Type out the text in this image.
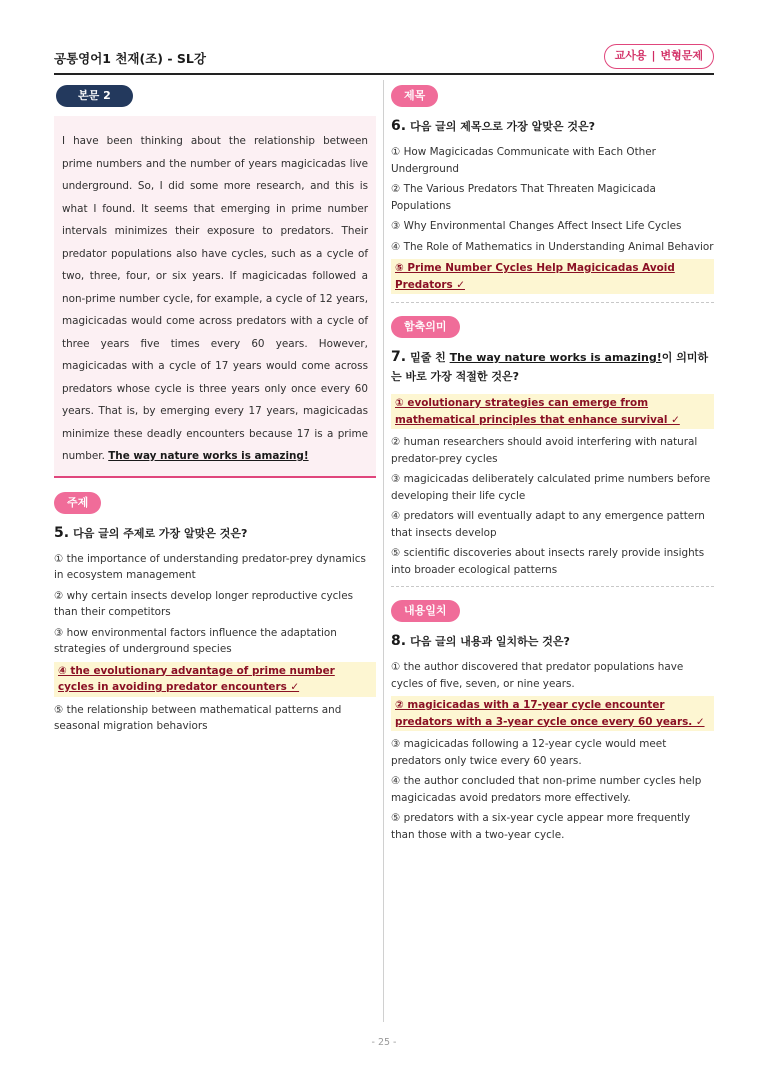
공통영어1 천재(조) - SL강	교사용 | 변형문제
본문 2

I have been thinking about the relationship between prime numbers and the number of years magicicadas live underground. So, I did some more research, and this is what I found. It seems that emerging in prime number intervals minimizes their exposure to predators. Their predator populations also have cycles, such as a cycle of two, three, four, or six years. If magicicadas followed a non-prime number cycle, for example, a cycle of 12 years, magicicadas would come across predators with a cycle of three years five times every 60 years. However, magicicadas with a cycle of 17 years would come across predators whose cycle is three years only once every 60 years. That is, by emerging every 17 years, magicicadas minimize these deadly encounters because 17 is a prime number. The way nature works is amazing!

주제
5. 다음 글의 주제로 가장 알맞은 것은?
① the importance of understanding predator-prey dynamics in ecosystem management
② why certain insects develop longer reproductive cycles than their competitors
③ how environmental factors influence the adaptation strategies of underground species
④ the evolutionary advantage of prime number cycles in avoiding predator encounters ✓
⑤ the relationship between mathematical patterns and seasonal migration behaviors
제목
6. 다음 글의 제목으로 가장 알맞은 것은?
① How Magicicadas Communicate with Each Other Underground
② The Various Predators That Threaten Magicicada Populations
③ Why Environmental Changes Affect Insect Life Cycles
④ The Role of Mathematics in Understanding Animal Behavior
⑤ Prime Number Cycles Help Magicicadas Avoid Predators ✓
함축의미
7. 밑줄 친 The way nature works is amazing!이 의미하는 바로 가장 적절한 것은?
① evolutionary strategies can emerge from mathematical principles that enhance survival ✓
② human researchers should avoid interfering with natural predator-prey cycles
③ magicicadas deliberately calculated prime numbers before developing their life cycle
④ predators will eventually adapt to any emergence pattern that insects develop
⑤ scientific discoveries about insects rarely provide insights into broader ecological patterns
내용일치
8. 다음 글의 내용과 일치하는 것은?
① the author discovered that predator populations have cycles of five, seven, or nine years.
② magicicadas with a 17-year cycle encounter predators with a 3-year cycle once every 60 years. ✓
③ magicicadas following a 12-year cycle would meet predators only twice every 60 years.
④ the author concluded that non-prime number cycles help magicicadas avoid predators more effectively.
⑤ predators with a six-year cycle appear more frequently than those with a two-year cycle.
- 25 -
